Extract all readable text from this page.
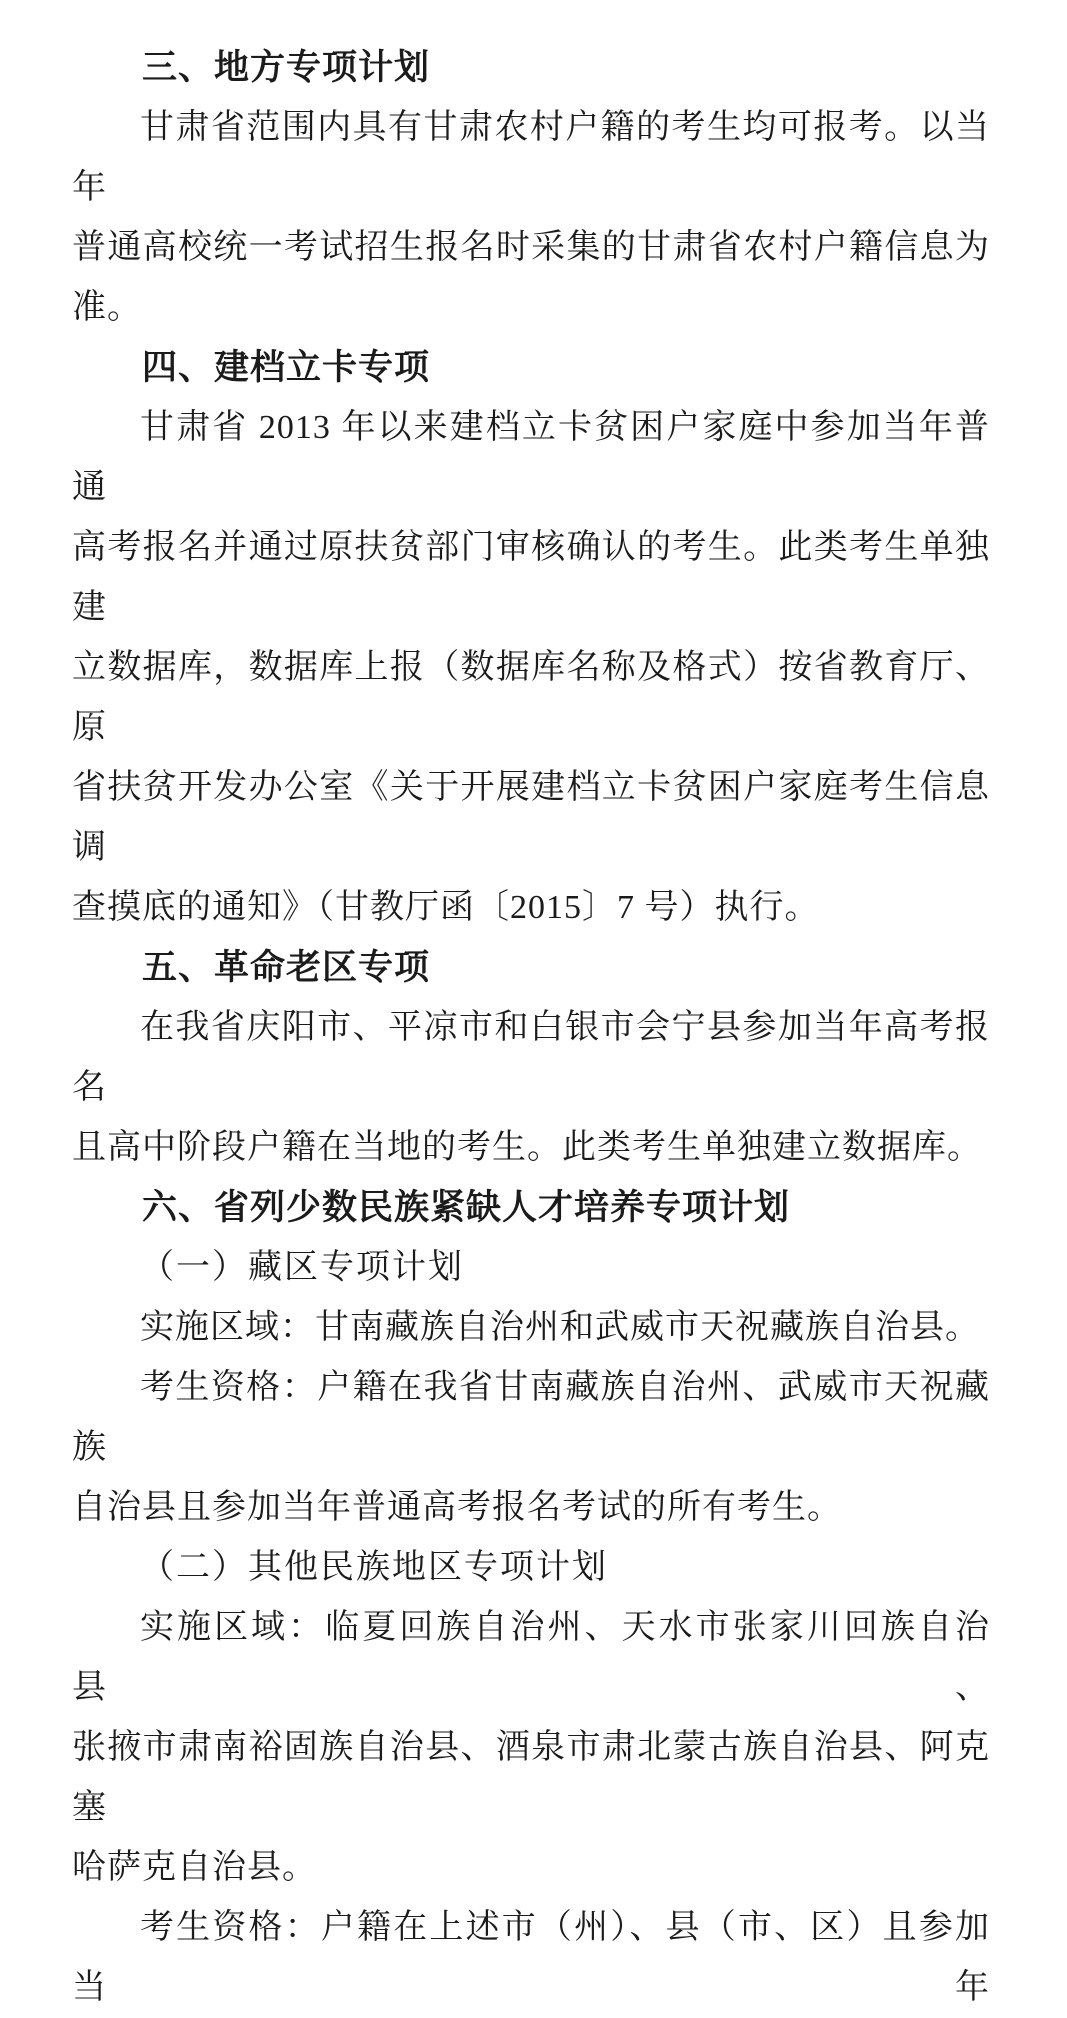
三、地方专项计划
甘肃省范围内具有甘肃农村户籍的考生均可报考。以当年
普通高校统一考试招生报名时采集的甘肃省农村户籍信息为
准。
四、建档立卡专项
甘肃省 2013 年以来建档立卡贫困户家庭中参加当年普通
高考报名并通过原扶贫部门审核确认的考生。此类考生单独建
立数据库，数据库上报（数据库名称及格式）按省教育厅、原
省扶贫开发办公室《关于开展建档立卡贫困户家庭考生信息调
查摸底的通知》（甘教厅函〔2015〕7 号）执行。
五、革命老区专项
在我省庆阳市、平凉市和白银市会宁县参加当年高考报名
且高中阶段户籍在当地的考生。此类考生单独建立数据库。
六、省列少数民族紧缺人才培养专项计划
（一）藏区专项计划
实施区域：甘南藏族自治州和武威市天祝藏族自治县。
考生资格：户籍在我省甘南藏族自治州、武威市天祝藏族
自治县且参加当年普通高考报名考试的所有考生。
（二）其他民族地区专项计划
实施区域：临夏回族自治州、天水市张家川回族自治县、
张掖市肃南裕固族自治县、酒泉市肃北蒙古族自治县、阿克塞
哈萨克自治县。
考生资格：户籍在上述市（州）、县（市、区）且参加当年
